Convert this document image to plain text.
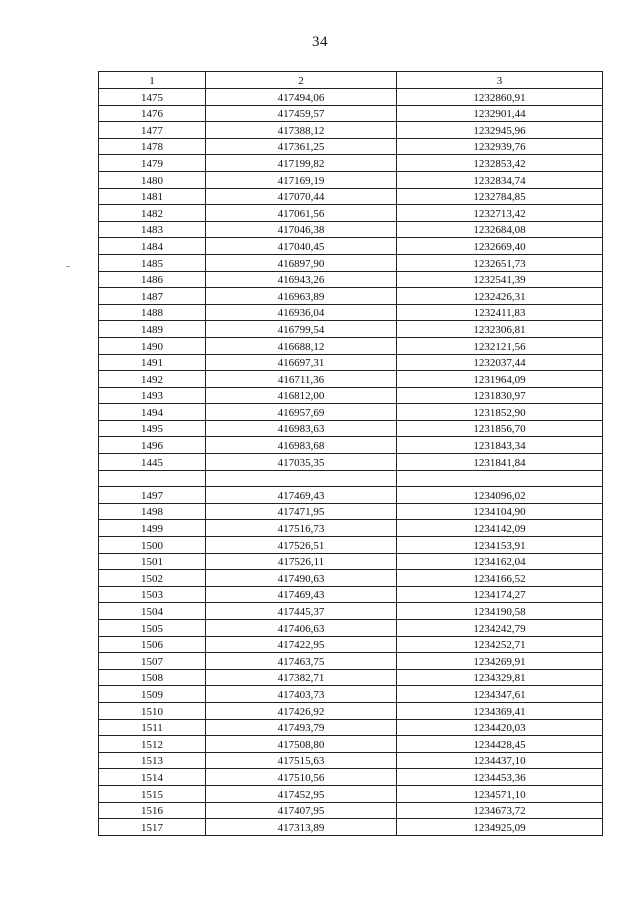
34
1	2	3
1475	417494,06	1232860,91
1476	417459,57	1232901,44
1477	417388,12	1232945,96
1478	417361,25	1232939,76
1479	417199,82	1232853,42
1480	417169,19	1232834,74
1481	417070,44	1232784,85
1482	417061,56	1232713,42
1483	417046,38	1232684,08
1484	417040,45	1232669,40
1485	416897,90	1232651,73
1486	416943,26	1232541,39
1487	416963,89	1232426,31
1488	416936,04	1232411,83
1489	416799,54	1232306,81
1490	416688,12	1232121,56
1491	416697,31	1232037,44
1492	416711,36	1231964,09
1493	416812,00	1231830,97
1494	416957,69	1231852,90
1495	416983,63	1231856,70
1496	416983,68	1231843,34
1445	417035,35	1231841,84

1497	417469,43	1234096,02
1498	417471,95	1234104,90
1499	417516,73	1234142,09
1500	417526,51	1234153,91
1501	417526,11	1234162,04
1502	417490,63	1234166,52
1503	417469,43	1234174,27
1504	417445,37	1234190,58
1505	417406,63	1234242,79
1506	417422,95	1234252,71
1507	417463,75	1234269,91
1508	417382,71	1234329,81
1509	417403,73	1234347,61
1510	417426,92	1234369,41
1511	417493,79	1234420,03
1512	417508,80	1234428,45
1513	417515,63	1234437,10
1514	417510,56	1234453,36
1515	417452,95	1234571,10
1516	417407,95	1234673,72
1517	417313,89	1234925,09
